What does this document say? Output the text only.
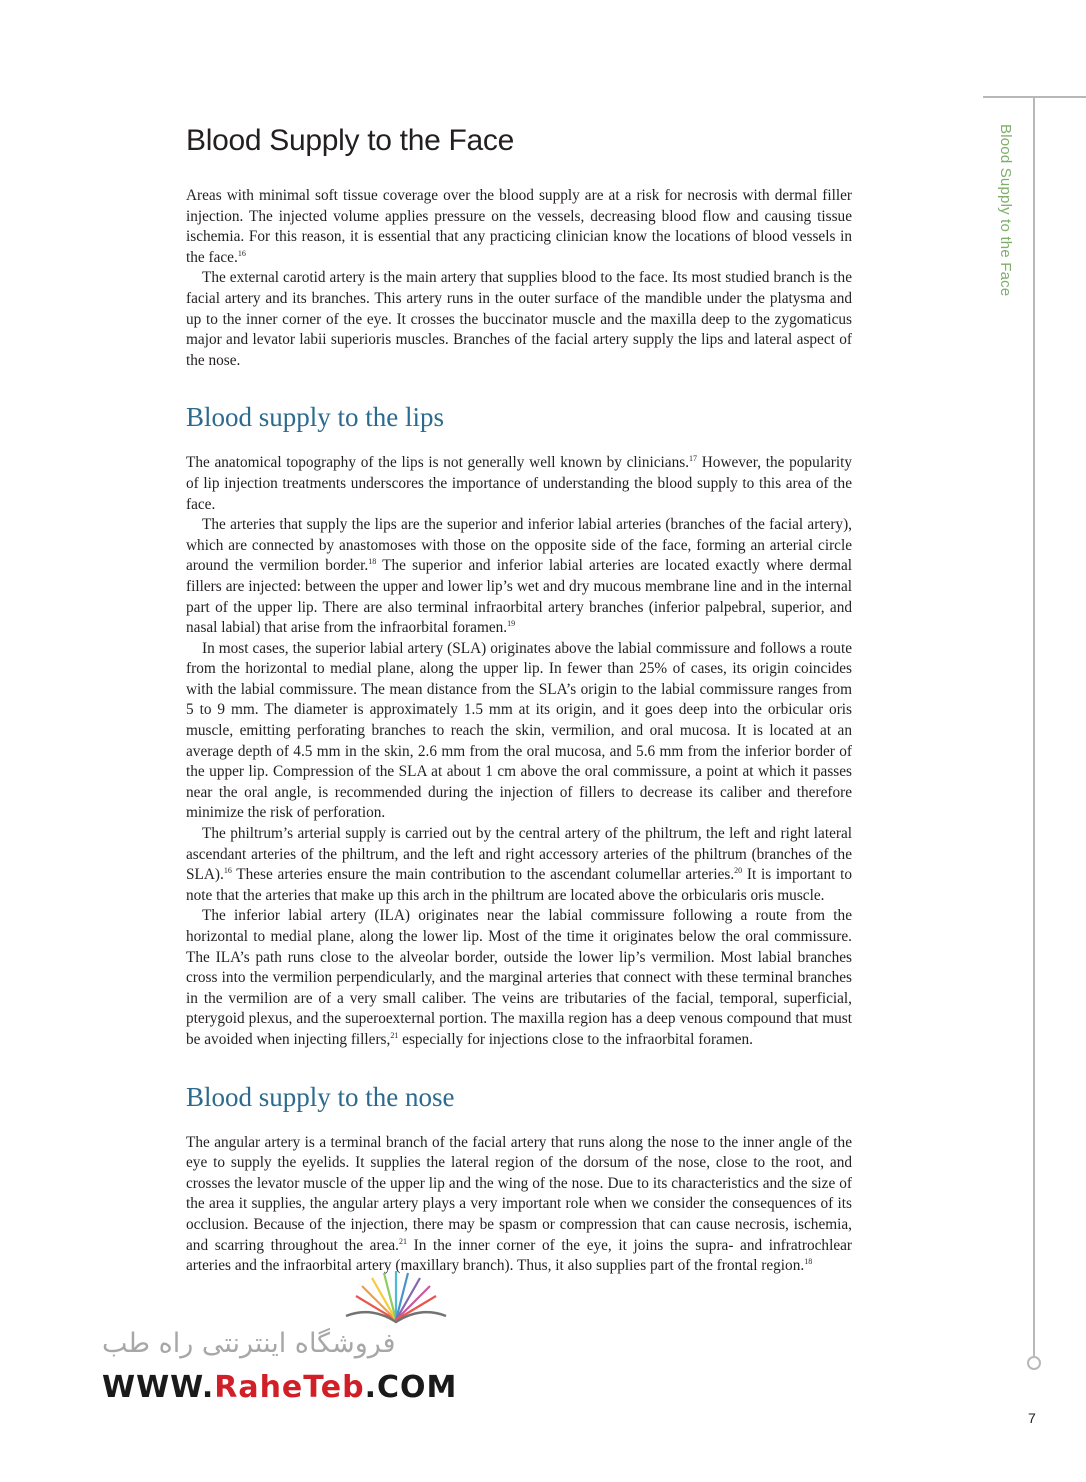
Blood Supply to the Face
7
Blood Supply to the Face

Areas with minimal soft tissue coverage over the blood supply are at a risk for necrosis with dermal filler injection. The injected volume applies pressure on the vessels, decreasing blood flow and causing tissue ischemia. For this reason, it is essential that any practicing clinician know the locations of blood vessels in the face.$^{16}$

The external carotid artery is the main artery that supplies blood to the face. Its most studied branch is the facial artery and its branches. This artery runs in the outer surface of the mandible under the platysma and up to the inner corner of the eye. It crosses the buccinator muscle and the maxilla deep to the zygomaticus major and levator labii superioris muscles. Branches of the facial artery supply the lips and lateral aspect of the nose.

Blood supply to the lips

The anatomical topography of the lips is not generally well known by clinicians.$^{17}$ However, the popularity of lip injection treatments underscores the importance of understanding the blood supply to this area of the face.

The arteries that supply the lips are the superior and inferior labial arteries (branches of the facial artery), which are connected by anastomoses with those on the opposite side of the face, forming an arterial circle around the vermilion border.$^{18}$ The superior and inferior labial arteries are located exactly where dermal fillers are injected: between the upper and lower lip’s wet and dry mucous membrane line and in the internal part of the upper lip. There are also terminal infraorbital artery branches (inferior palpebral, superior, and nasal labial) that arise from the infraorbital foramen.$^{19}$

In most cases, the superior labial artery (SLA) originates above the labial commissure and follows a route from the horizontal to medial plane, along the upper lip. In fewer than 25% of cases, its origin coincides with the labial commissure. The mean distance from the SLA’s origin to the labial commissure ranges from 5 to 9 mm. The diameter is approximately 1.5 mm at its origin, and it goes deep into the orbicular oris muscle, emitting perforating branches to reach the skin, vermilion, and oral mucosa. It is located at an average depth of 4.5 mm in the skin, 2.6 mm from the oral mucosa, and 5.6 mm from the inferior border of the upper lip. Compression of the SLA at about 1 cm above the oral commissure, a point at which it passes near the oral angle, is recommended during the injection of fillers to decrease its caliber and therefore minimize the risk of perforation.

The philtrum’s arterial supply is carried out by the central artery of the philtrum, the left and right lateral ascendant arteries of the philtrum, and the left and right accessory arteries of the philtrum (branches of the SLA).$^{16}$ These arteries ensure the main contribution to the ascendant columellar arteries.$^{20}$ It is important to note that the arteries that make up this arch in the philtrum are located above the orbicularis oris muscle.

The inferior labial artery (ILA) originates near the labial commissure following a route from the horizontal to medial plane, along the lower lip. Most of the time it originates below the oral commissure. The ILA’s path runs close to the alveolar border, outside the lower lip’s vermilion. Most labial branches cross into the vermilion perpendicularly, and the marginal arteries that connect with these terminal branches in the vermilion are of a very small caliber. The veins are tributaries of the facial, temporal, superficial, pterygoid plexus, and the superoexternal portion. The maxilla region has a deep venous compound that must be avoided when injecting fillers,$^{21}$ especially for injections close to the infraorbital foramen.

Blood supply to the nose

The angular artery is a terminal branch of the facial artery that runs along the nose to the inner angle of the eye to supply the eyelids. It supplies the lateral region of the dorsum of the nose, close to the root, and crosses the levator muscle of the upper lip and the wing of the nose. Due to its characteristics and the size of the area it supplies, the angular artery plays a very important role when we consider the consequences of its occlusion. Because of the injection, there may be spasm or compression that can cause necrosis, ischemia, and scarring throughout the area.$^{21}$ In the inner corner of the eye, it joins the supra- and infratrochlear arteries and the infraorbital artery (maxillary branch). Thus, it also supplies part of the frontal region.$^{18}$

فروشگاه اینترنتی راه طب
WWW.RaheTeb.COM
